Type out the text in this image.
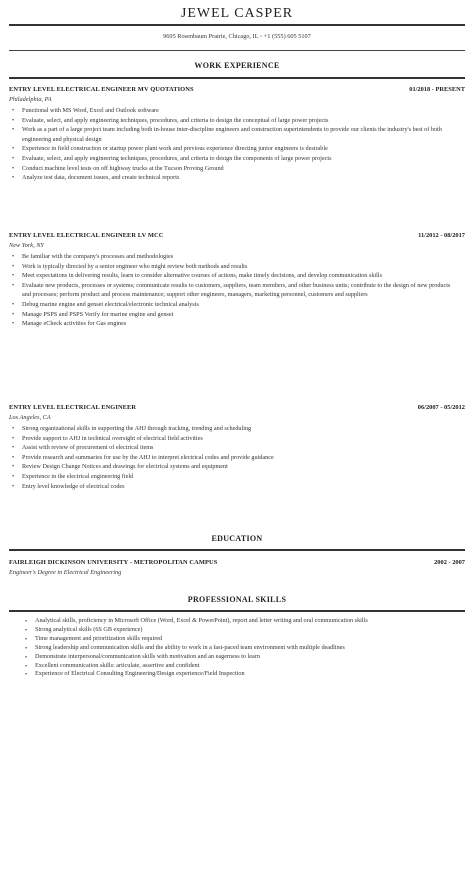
JEWEL CASPER
9695 Rosenbaum Prairie, Chicago, IL ◦ +1 (555) 605 5107
WORK EXPERIENCE
ENTRY LEVEL ELECTRICAL ENGINEER MV QUOTATIONS	01/2018 - PRESENT
Philadelphia, PA
• Functional with MS Word, Excel and Outlook software
• Evaluate, select, and apply engineering techniques, procedures, and criteria to design the conceptual of large power projects
• Work as a part of a large project team including both in-house inter-discipline engineers and construction superintendents to provide our clients the industry's best of both engineering and physical design
• Experience in field construction or startup power plant work and previous experience directing junior engineers is desirable
• Evaluate, select, and apply engineering techniques, procedures, and criteria to design the components of large power projects
• Conduct machine level tests on off highway trucks at the Tucson Proving Ground
• Analyze test data, document issues, and create technical reports
ENTRY LEVEL ELECTRICAL ENGINEER LV MCC	11/2012 - 08/2017
New York, NY
• Be familiar with the company's processes and methodologies
• Work is typically directed by a senior engineer who might review both methods and results
• Meet expectations in delivering results, learn to consider alternative courses of actions, make timely decisions, and develop communication skills
• Evaluate new products, processes or systems; communicate results to customers, suppliers, team members, and other business units; contribute to the design of new products and processes; perform product and process maintenance; support other engineers, managers, marketing personnel, customers and suppliers
• Debug marine engine and genset electrical/electronic technical analysis
• Manage PSPS and PSPS Verify for marine engine and genset
• Manage eCheck activities for Gas engines
ENTRY LEVEL ELECTRICAL ENGINEER	06/2007 - 05/2012
Los Angeles, CA
• Strong organizational skills in supporting the AHJ through tracking, trending and scheduling
• Provide support to AHJ in technical oversight of electrical field activities
• Assist with review of procurement of electrical items
• Provide research and summaries for use by the AHJ to interpret electrical codes and provide guidance
• Review Design Change Notices and drawings for electrical systems and equipment
• Experience in the electrical engineering field
• Entry level knowledge of electrical codes
EDUCATION
FAIRLEIGH DICKINSON UNIVERSITY - METROPOLITAN CAMPUS	2002 - 2007
Engineer's Degree in Electrical Engineering
PROFESSIONAL SKILLS
• Analytical skills, proficiency in Microsoft Office (Word, Excel & PowerPoint), report and letter writing and oral communication skills
• Strong analytical skills (6S GB experience)
• Time management and prioritization skills required
• Strong leadership and communication skills and the ability to work in a fast-paced team environment with multiple deadlines
• Demonstrate interpersonal/communication skills with motivation and an eagerness to learn
• Excellent communication skills: articulate, assertive and confident
• Experience of Electrical Consulting Engineering/Design experience/Field Inspection
